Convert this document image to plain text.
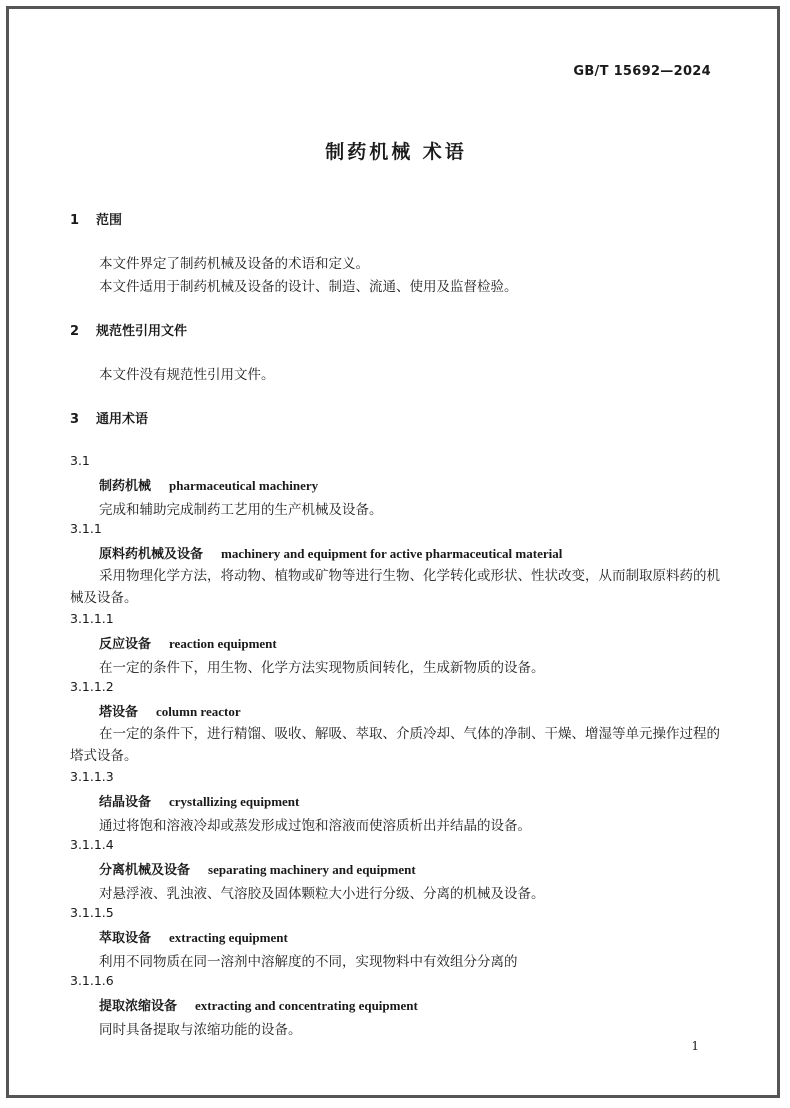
GB/T 15692—2024
制药机械 术语
1 范围
本文件界定了制药机械及设备的术语和定义。
本文件适用于制药机械及设备的设计、制造、流通、使用及监督检验。
2 规范性引用文件
本文件没有规范性引用文件。
3 通用术语
3.1
制药机械 pharmaceutical machinery
完成和辅助完成制药工艺用的生产机械及设备。
3.1.1
原料药机械及设备 machinery and equipment for active pharmaceutical material
采用物理化学方法，将动物、植物或矿物等进行生物、化学转化或形状、性状改变，从而制取原料药的机械及设备。
3.1.1.1
反应设备 reaction equipment
在一定的条件下，用生物、化学方法实现物质间转化，生成新物质的设备。
3.1.1.2
塔设备 column reactor
在一定的条件下，进行精馏、吸收、解吸、萃取、介质冷却、气体的净制、干燥、增湿等单元操作过程的塔式设备。
3.1.1.3
结晶设备 crystallizing equipment
通过将饱和溶液冷却或蒸发形成过饱和溶液而使溶质析出并结晶的设备。
3.1.1.4
分离机械及设备 separating machinery and equipment
对悬浮液、乳浊液、气溶胶及固体颗粒大小进行分级、分离的机械及设备。
3.1.1.5
萃取设备 extracting equipment
利用不同物质在同一溶剂中溶解度的不同，实现物料中有效组分分离的
3.1.1.6
提取浓缩设备 extracting and concentrating equipment
同时具备提取与浓缩功能的设备。
1
